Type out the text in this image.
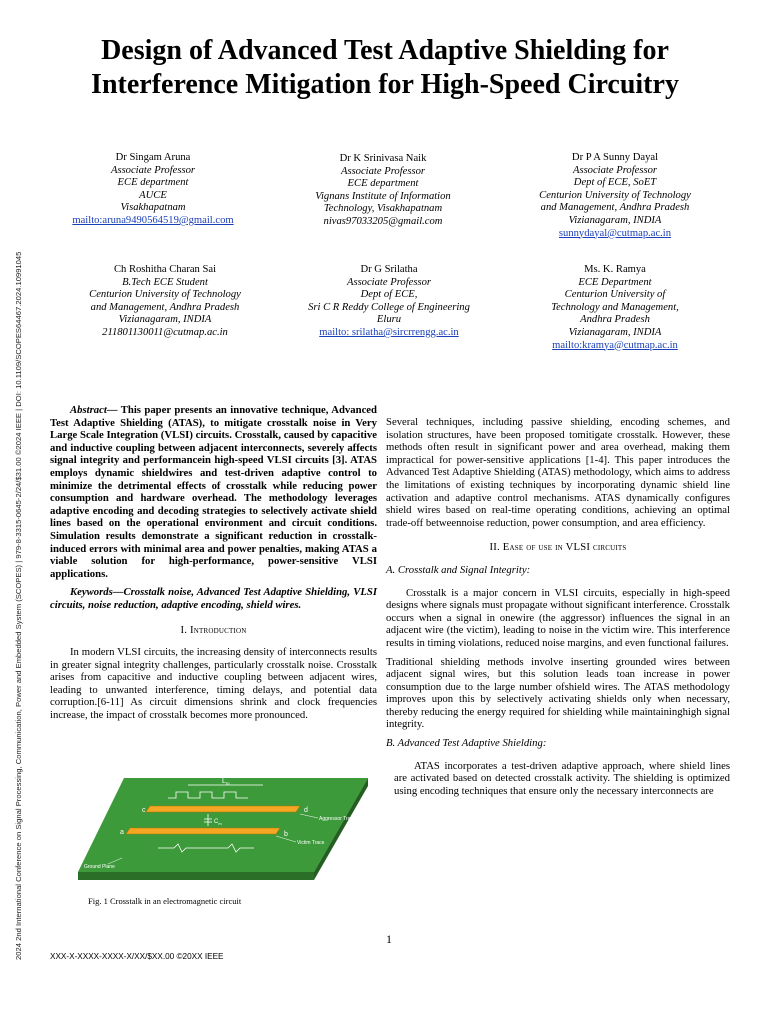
2024 2nd International Conference on Signal Processing, Communication, Power and Embedded System (SCOPES) | 979-8-3315-0645-2/24/$31.00 ©2024 IEEE | DOI: 10.1109/SCOPES64467.2024.10991045
Design of Advanced Test Adaptive Shielding for Interference Mitigation for High-Speed Circuitry
Dr Singam Aruna
Associate Professor
ECE department
AUCE
Visakhapatnam
mailto:aruna9490564519@gmail.com
Dr K Srinivasa Naik
Associate Professor
ECE department
Vignans Institute of Information
Technology, Visakhapatnam
nivas97033205@gmail.com
Dr P A Sunny Dayal
Associate Professor
Dept of ECE, SoET
Centurion University of Technology
and Management, Andhra Pradesh
Vizianagaram, INDIA
sunnydayal@cutmap.ac.in
Ch Roshitha Charan Sai
B.Tech ECE Student
Centurion University of Technology
and Management, Andhra Pradesh
Vizianagaram, INDIA
211801130011@cutmap.ac.in
Dr G Srilatha
Associate Professor
Dept of ECE,
Sri C R Reddy College of Engineering
Eluru
mailto: srilatha@sircrrengg.ac.in
Ms. K. Ramya
ECE Department
Centurion University of
Technology and Management,
Andhra Pradesh
Vizianagaram, INDIA
mailto:kramya@cutmap.ac.in

Abstract— This paper presents an innovative technique, Advanced Test Adaptive Shielding (ATAS), to mitigate crosstalk noise in Very Large Scale Integration (VLSI) circuits. Crosstalk, caused by capacitive and inductive coupling between adjacent interconnects, severely affects signal integrity and performancein high-speed VLSI circuits [3]. ATAS employs dynamic shieldwires and test-driven adaptive control to minimize the detrimental effects of crosstalk while reducing power consumption and hardware overhead. The methodology leverages adaptive encoding and decoding strategies to selectively activate shield lines based on the operational environment and circuit conditions. Simulation results demonstrate a significant reduction in crosstalk-induced errors with minimal area and power penalties, making ATAS a viable solution for high-performance, power-sensitive VLSI applications.

Keywords—Crosstalk noise, Advanced Test Adaptive Shielding, VLSI circuits, noise reduction, adaptive encoding, shield wires.

I. Introduction

In modern VLSI circuits, the increasing density of interconnects results in greater signal integrity challenges, particularly crosstalk noise. Crosstalk arises from capacitive and inductive coupling between adjacent wires, leading to unwanted interference, timing delays, and potential data corruption.[6-11] As circuit dimensions shrink and clock frequencies increase, the impact of crosstalk becomes more pronounced.

$L_m$
$C_m$
c	d
a	b
Aggressor Trace
Victim Trace
Ground Plane
Fig. 1 Crosstalk in an electromagnetic circuit

Several techniques, including passive shielding, encoding schemes, and isolation structures, have been proposed tomitigate crosstalk. However, these methods often result in significant power and area overhead, making them impractical for power-sensitive applications [1-4]. This paper introduces the Advanced Test Adaptive Shielding (ATAS) methodology, which aims to address the limitations of existing techniques by incorporating dynamic shield line activation and adaptive control mechanisms. ATAS dynamically configures shield wires based on real-time operating conditions, achieving an optimal trade-off betweennoise reduction, power consumption, and area efficiency.

II. Ease of use in VLSI circuits

A. Crosstalk and Signal Integrity:

Crosstalk is a major concern in VLSI circuits, especially in high-speed designs where signals must propagate without significant interference. Crosstalk occurs when a signal in onewire (the aggressor) influences the signal in an adjacent wire (the victim), leading to noise in the victim wire. This interference results in timing violations, reduced noise margins, and even functional failures.

Traditional shielding methods involve inserting grounded wires between adjacent signal wires, but this solution leads toan increase in power consumption due to the large number ofshield wires. The ATAS methodology improves upon this by selectively activating shields only when necessary, thereby reducing the energy required for shielding while maintaininghigh signal integrity.

B. Advanced Test Adaptive Shielding:

ATAS incorporates a test-driven adaptive approach, where shield lines are activated based on detected crosstalk activity. The shielding is optimized using encoding techniques that ensure only the necessary interconnects are

1
XXX-X-XXXX-XXXX-X/XX/$XX.00 ©20XX IEEE
